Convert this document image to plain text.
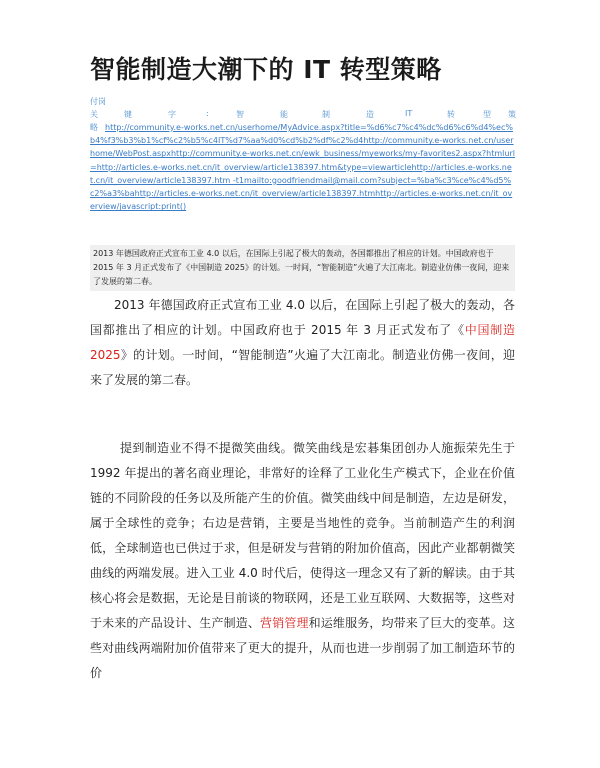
智能制造大潮下的 IT 转型策略
付岗
关	键	字	:	智	能	制	造	IT	转	型 策
略 http://community.e-works.net.cn/userhome/MyAdvice.aspx?title=%d6%c7%c4%dc%d6%c6%d4%ec%b4%f3%b3%b1%cf%c2%b5%c4IT%d7%aa%d0%cd%b2%df%c2%d4http://community.e-works.net.cn/userhome/WebPost.aspxhttp://community.e-works.net.cn/ewk_business/myeworks/my-favorites2.aspx?htmlurl=http://articles.e-works.net.cn/it_overview/article138397.htm&type=viewarticlehttp://articles.e-works.net.cn/it_overview/article138397.htm -t1mailto:goodfriendmail@mail.com?subject=%ba%c3%ce%c4%d5%c2%a3%bahttp://articles.e-works.net.cn/it_overview/article138397.htmhttp://articles.e-works.net.cn/it_overview/javascript:print()
2013 年德国政府正式宣布工业 4.0 以后，在国际上引起了极大的轰动，各国都推出了相应的计划。中国政府也于 2015 年 3 月正式发布了《中国制造 2025》的计划。一时间，“智能制造”火遍了大江南北。制造业仿佛一夜间，迎来了发展的第二春。

2013 年德国政府正式宣布工业 4.0 以后，在国际上引起了极大的轰动，各国都推出了相应的计划。中国政府也于 2015 年 3 月正式发布了《中国制造 2025》的计划。一时间，“智能制造”火遍了大江南北。制造业仿佛一夜间，迎来了发展的第二春。

提到制造业不得不提微笑曲线。微笑曲线是宏碁集团创办人施振荣先生于 1992 年提出的著名商业理论，非常好的诠释了工业化生产模式下，企业在价值链的不同阶段的任务以及所能产生的价值。微笑曲线中间是制造，左边是研发，属于全球性的竞争；右边是营销，主要是当地性的竞争。当前制造产生的利润低，全球制造也已供过于求，但是研发与营销的附加价值高，因此产业都朝微笑曲线的两端发展。进入工业 4.0 时代后，使得这一理念又有了新的解读。由于其核心将会是数据，无论是目前谈的物联网，还是工业互联网、大数据等，这些对于未来的产品设计、生产制造、营销管理和运维服务，均带来了巨大的变革。这些对曲线两端附加价值带来了更大的提升，从而也进一步削弱了加工制造环节的价
